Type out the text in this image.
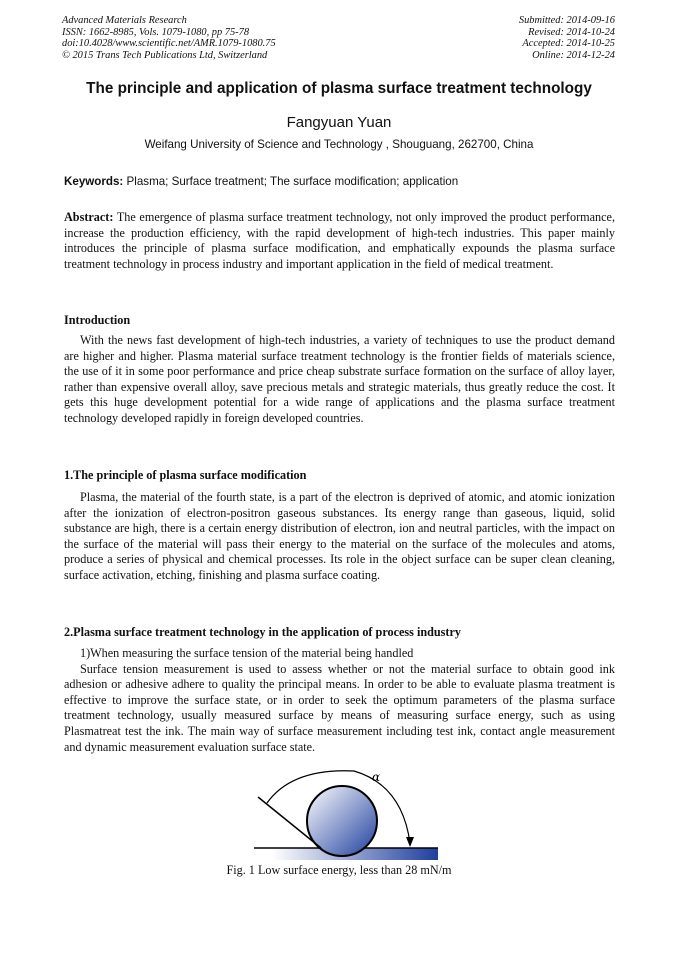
Advanced Materials Research
ISSN: 1662-8985, Vols. 1079-1080, pp 75-78
doi:10.4028/www.scientific.net/AMR.1079-1080.75
© 2015 Trans Tech Publications Ltd, Switzerland
Submitted: 2014-09-16
Revised: 2014-10-24
Accepted: 2014-10-25
Online: 2014-12-24
The principle and application of plasma surface treatment technology
Fangyuan Yuan
Weifang University of Science and Technology , Shouguang, 262700, China
Keywords: Plasma; Surface treatment; The surface modification; application

Abstract: The emergence of plasma surface treatment technology, not only improved the product performance, increase the production efficiency, with the rapid development of high-tech industries. This paper mainly introduces the principle of plasma surface modification, and emphatically expounds the plasma surface treatment technology in process industry and important application in the field of medical treatment.

Introduction

With the news fast development of high-tech industries, a variety of techniques to use the product demand are higher and higher. Plasma material surface treatment technology is the frontier fields of materials science, the use of it in some poor performance and price cheap substrate surface formation on the surface of alloy layer, rather than expensive overall alloy, save precious metals and strategic materials, thus greatly reduce the cost. It gets this huge development potential for a wide range of applications and the plasma surface treatment technology developed rapidly in foreign developed countries.

1.The principle of plasma surface modification

Plasma, the material of the fourth state, is a part of the electron is deprived of atomic, and atomic ionization after the ionization of electron-positron gaseous substances. Its energy range than gaseous, liquid, solid substance are high, there is a certain energy distribution of electron, ion and neutral particles, with the impact on the surface of the material will pass their energy to the material on the surface of the molecules and atoms, produce a series of physical and chemical processes. Its role in the object surface can be super clean cleaning, surface activation, etching, finishing and plasma surface coating.

2.Plasma surface treatment technology in the application of process industry

1)When measuring the surface tension of the material being handled

Surface tension measurement is used to assess whether or not the material surface to obtain good ink adhesion or adhesive adhere to quality the principal means. In order to be able to evaluate plasma treatment is effective to improve the surface state, or in order to seek the optimum parameters of the plasma surface treatment technology, usually measured surface by means of measuring surface energy, such as using Plasmatreat test the ink. The main way of surface measurement including test ink, contact angle measurement and dynamic measurement evaluation surface state.

α
Fig. 1 Low surface energy, less than 28 mN/m
